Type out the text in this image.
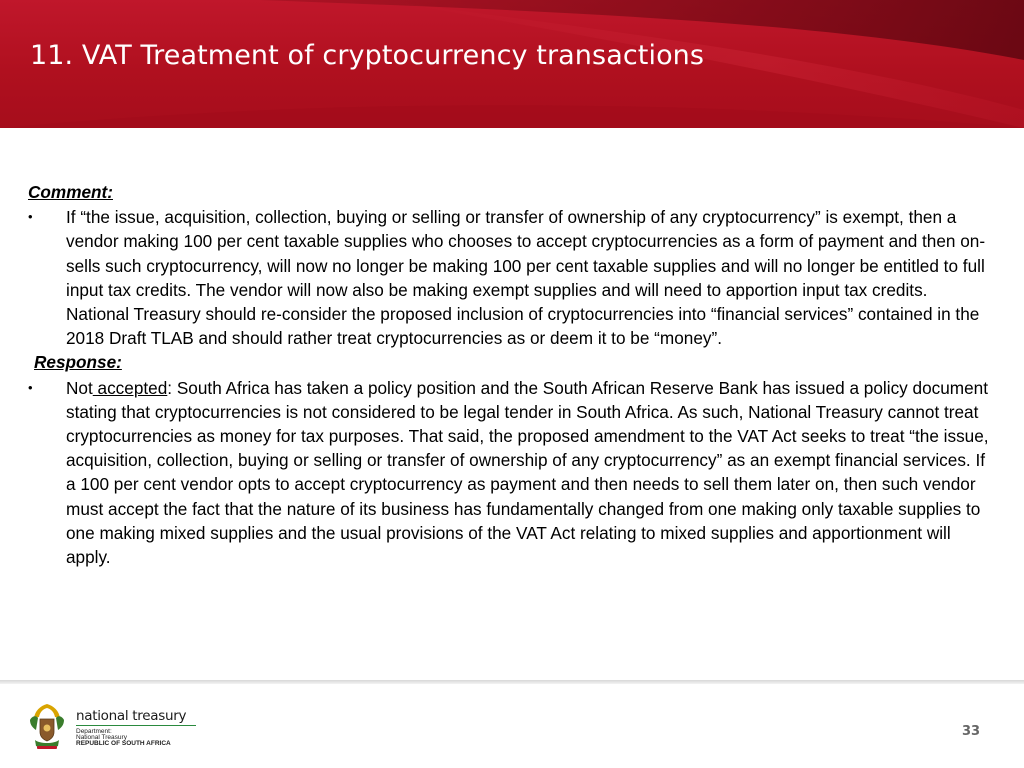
11. VAT Treatment of cryptocurrency transactions
Comment:
• If “the issue, acquisition, collection, buying or selling or transfer of ownership of any cryptocurrency” is exempt, then a vendor making 100 per cent taxable supplies who chooses to accept cryptocurrencies as a form of payment and then on-sells such cryptocurrency, will now no longer be making 100 per cent taxable supplies and will no longer be entitled to full input tax credits. The vendor will now also be making exempt supplies and will need to apportion input tax credits. National Treasury should re-consider the proposed inclusion of cryptocurrencies into “financial services” contained in the 2018 Draft TLAB and should rather treat cryptocurrencies as or deem it to be “money”.
Response:
• Not accepted: South Africa has taken a policy position and the South African Reserve Bank has issued a policy document stating that cryptocurrencies is not considered to be legal tender in South Africa. As such, National Treasury cannot treat cryptocurrencies as money for tax purposes. That said, the proposed amendment to the VAT Act seeks to treat “the issue, acquisition, collection, buying or selling or transfer of ownership of any cryptocurrency” as an exempt financial services. If a 100 per cent vendor opts to accept cryptocurrency as payment and then needs to sell them later on, then such vendor must accept the fact that the nature of its business has fundamentally changed from one making only taxable supplies to one making mixed supplies and the usual provisions of the VAT Act relating to mixed supplies and apportionment will apply.
national treasury
Department:
National Treasury
REPUBLIC OF SOUTH AFRICA
33
